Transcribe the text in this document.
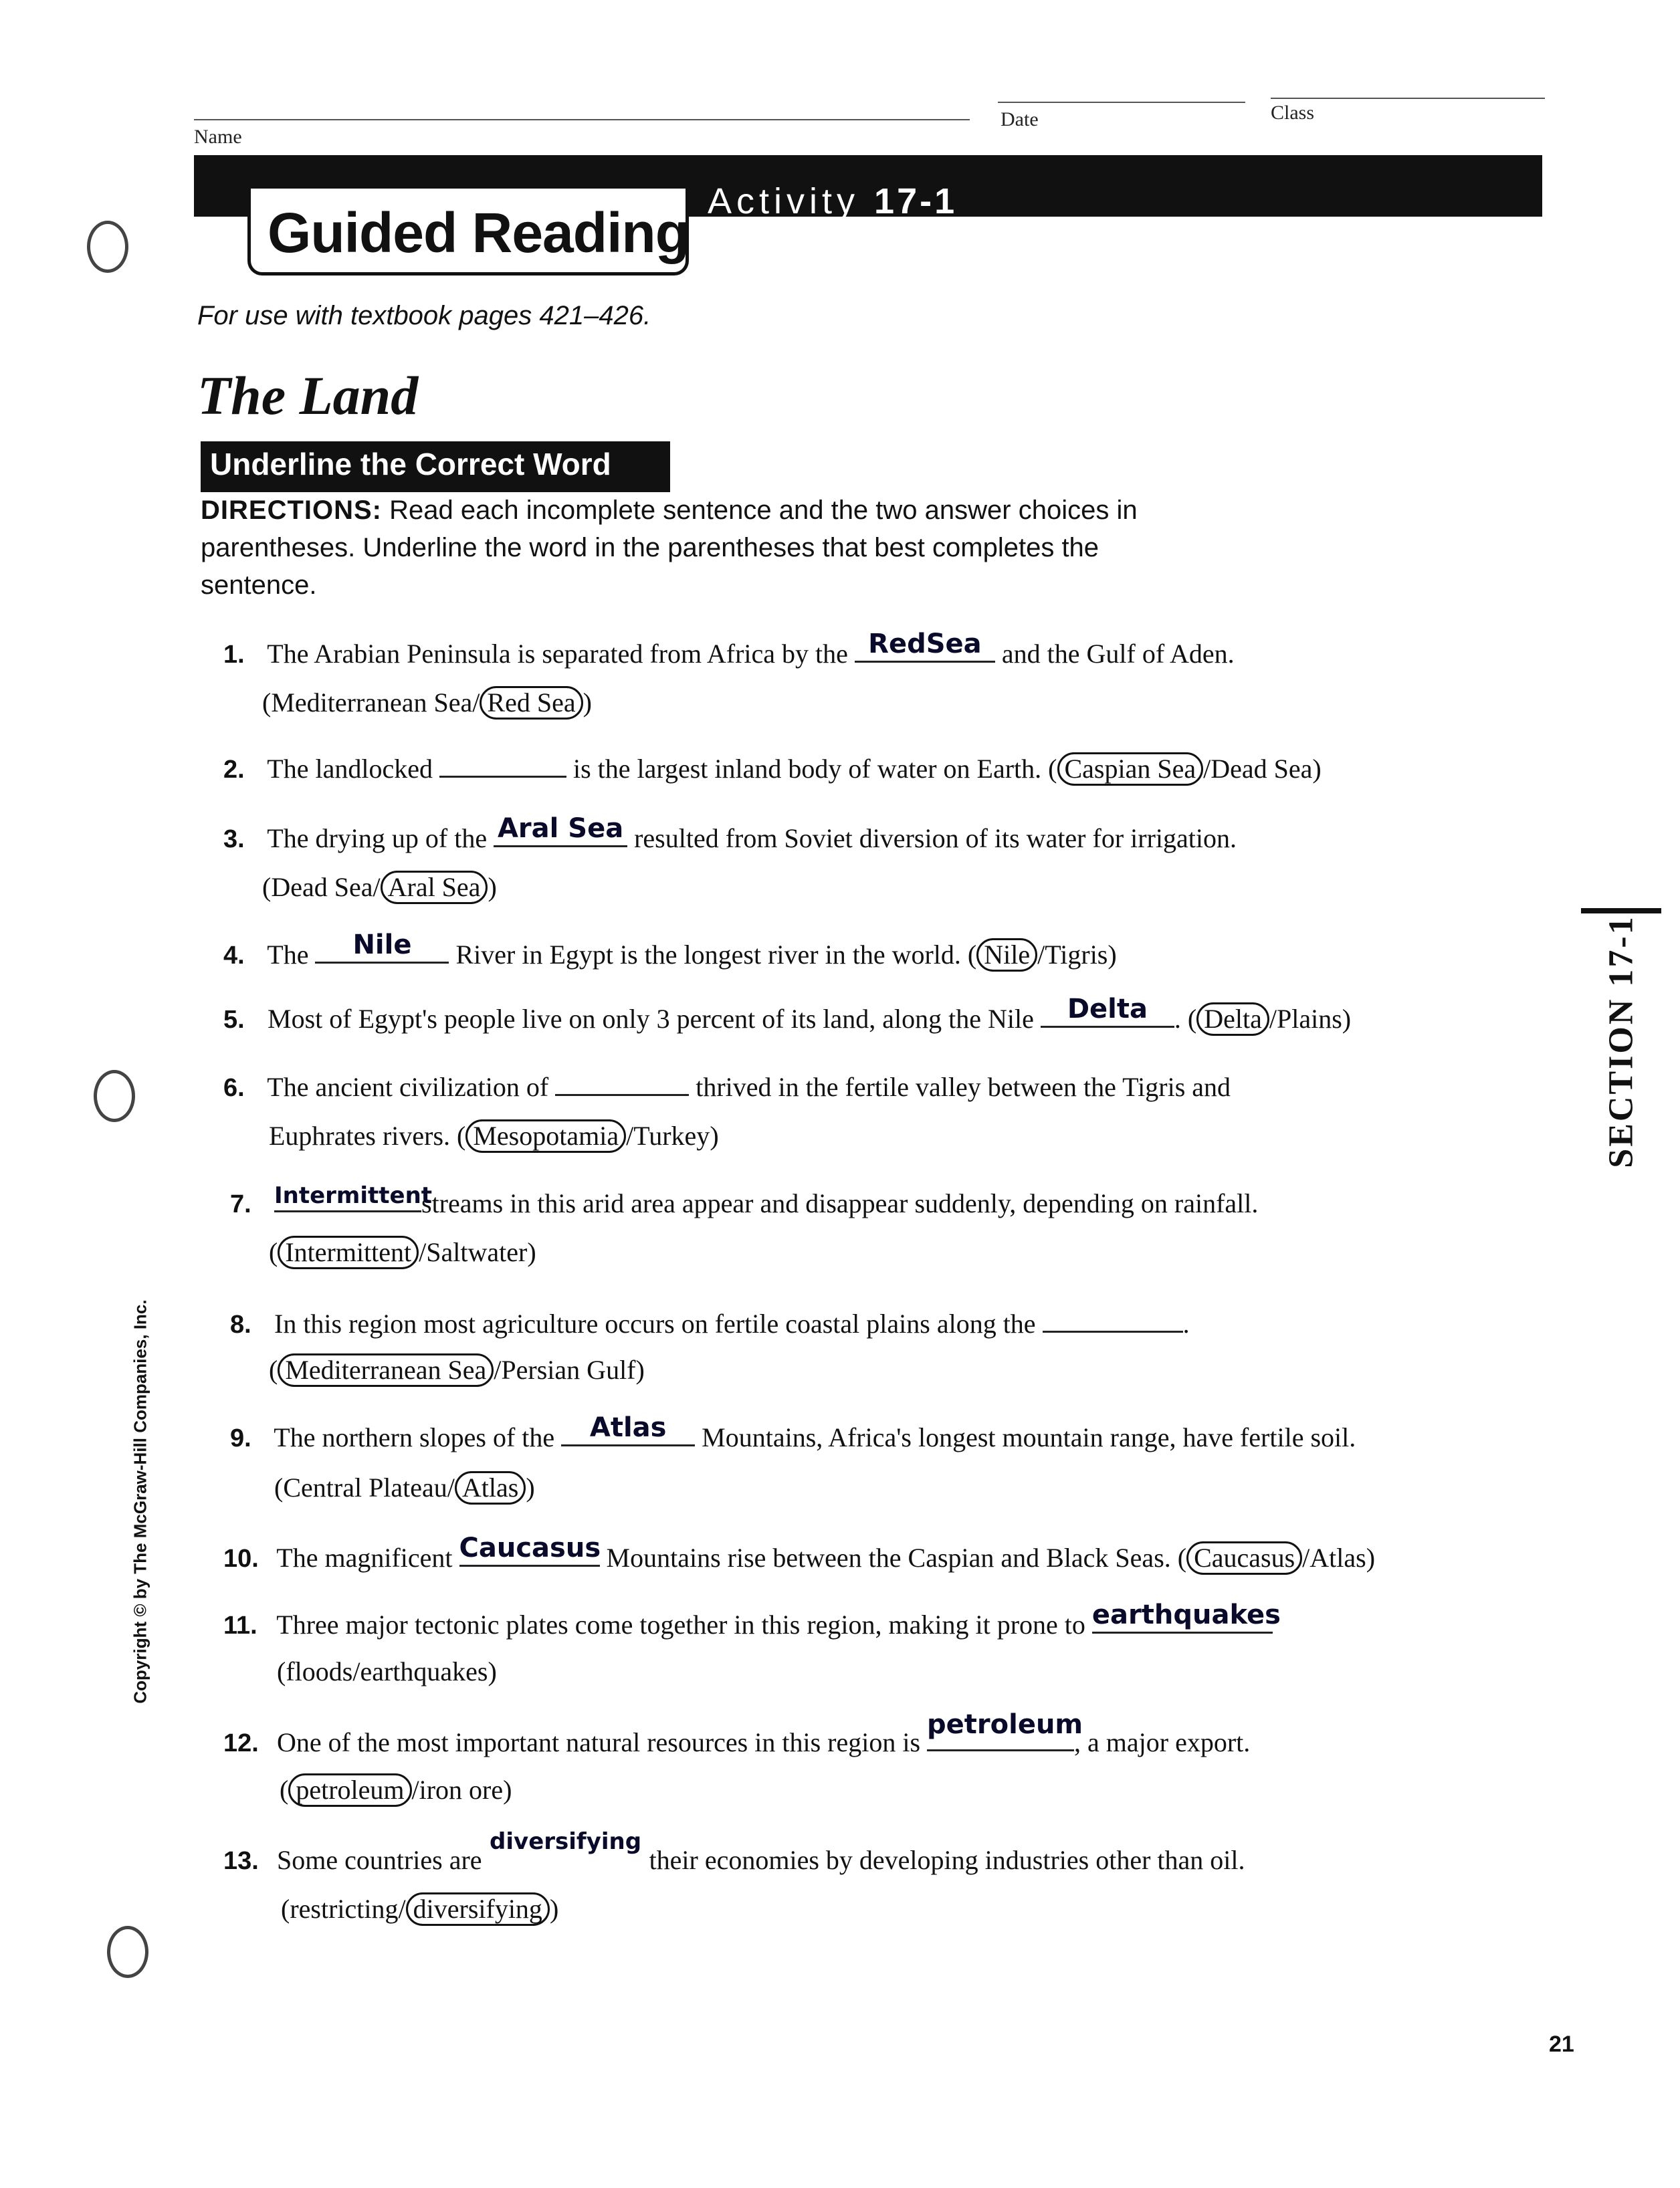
Name
Date	Class
Guided Reading Activity 17-1
For use with textbook pages 421–426.
The Land
Underline the Correct Word
DIRECTIONS: Read each incomplete sentence and the two answer choices in parentheses. Underline the word in the parentheses that best completes the sentence.
1. The Arabian Peninsula is separated from Africa by the RedSea and the Gulf of Aden.
(Mediterranean Sea/ Red Sea )
2. The landlocked	is the largest inland body of water on Earth. ( Caspian Sea /Dead Sea)
3. The drying up of the Aral Sea resulted from Soviet diversion of its water for irrigation.
(Dead Sea/ Aral Sea )
4. The	Nile	River in Egypt is the longest river in the world. ( Nile /Tigris)
5. Most of Egypt's people live on only 3 percent of its land, along the Nile	Delta . ( Delta /Plains)
6. The ancient civilization of	thrived in the fertile valley between the Tigris and
Euphrates rivers. ( Mesopotamia /Turkey)
7. Intermittent
streams in this arid area appear and disappear suddenly, depending on rainfall.
( Intermittent /Saltwater)
8. In this region most agriculture occurs on fertile coastal plains along the	.
( Mediterranean Sea /Persian Gulf)
9. The northern slopes of the	Atlas	Mountains, Africa's longest mountain range, have fertile soil.
(Central Plateau/ Atlas )
10. The magnificent Caucasus Mountains rise between the Caspian and Black Seas. ( Caucasus /Atlas)
11. Three major tectonic plates come together in this region, making it prone to earthquakes
(floods/earthquakes)
12. One of the most important natural resources in this region is
petroleum
, a major export.
( petroleum /iron ore)
13. Some countries are
diversifying
their economies by developing industries other than oil.
(restricting/ diversifying )
SECTION 17-1
Copyright © by The McGraw-Hill Companies, Inc.
21
